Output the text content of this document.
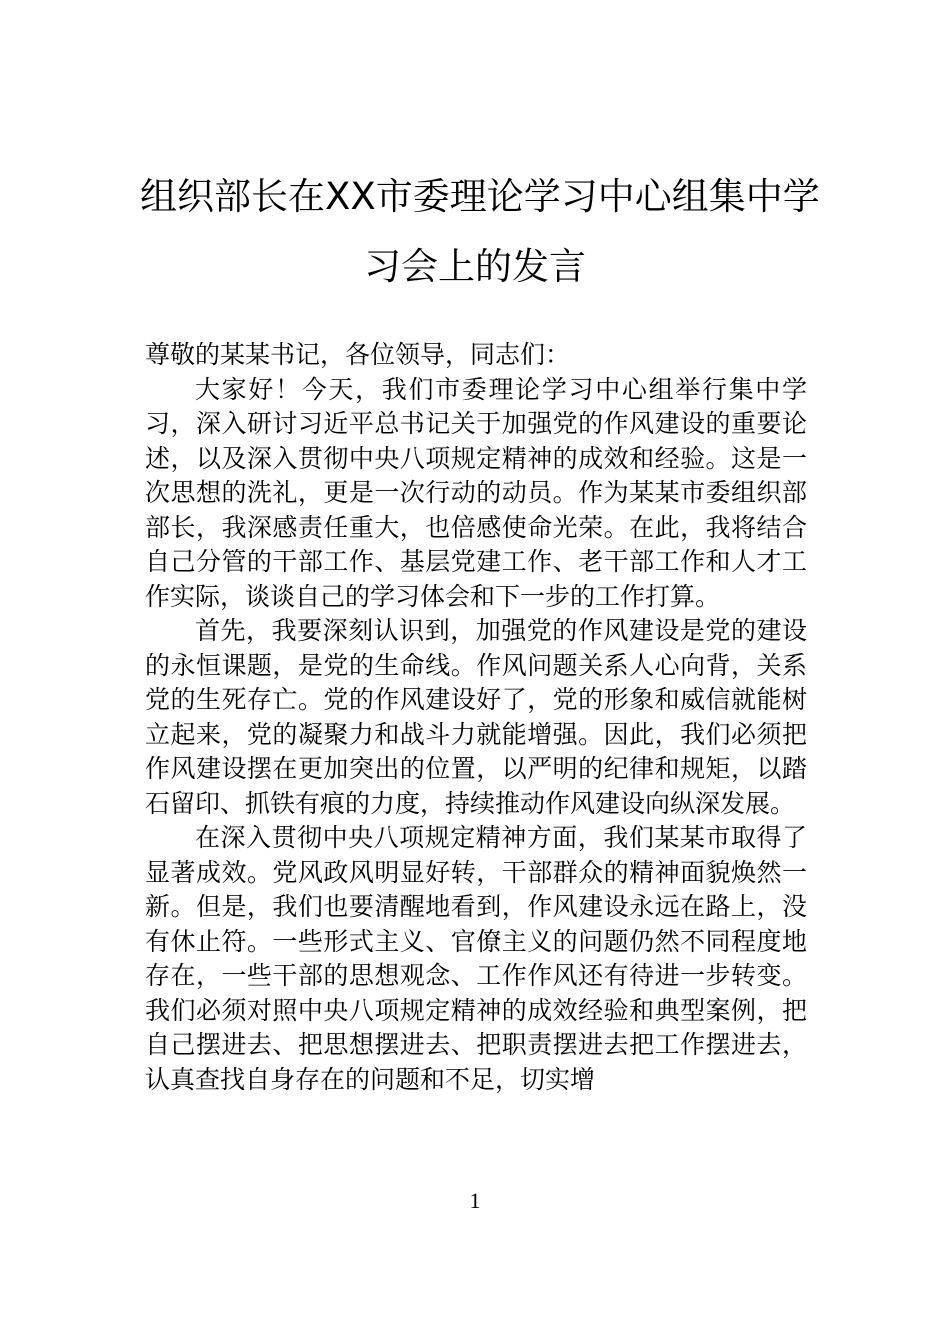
组织部长在XX市委理论学习中心组集中学
习会上的发言

尊敬的某某书记，各位领导，同志们：

大家好！今天，我们市委理论学习中心组举行集中学习，深入研讨习近平总书记关于加强党的作风建设的重要论述，以及深入贯彻中央八项规定精神的成效和经验。这是一次思想的洗礼，更是一次行动的动员。作为某某市委组织部部长，我深感责任重大，也倍感使命光荣。在此，我将结合自己分管的干部工作、基层党建工作、老干部工作和人才工作实际，谈谈自己的学习体会和下一步的工作打算。

首先，我要深刻认识到，加强党的作风建设是党的建设的永恒课题，是党的生命线。作风问题关系人心向背，关系党的生死存亡。党的作风建设好了，党的形象和威信就能树立起来，党的凝聚力和战斗力就能增强。因此，我们必须把作风建设摆在更加突出的位置，以严明的纪律和规矩，以踏石留印、抓铁有痕的力度，持续推动作风建设向纵深发展。

在深入贯彻中央八项规定精神方面，我们某某市取得了显著成效。党风政风明显好转，干部群众的精神面貌焕然一新。但是，我们也要清醒地看到，作风建设永远在路上，没有休止符。一些形式主义、官僚主义的问题仍然不同程度地存在，一些干部的思想观念、工作作风还有待进一步转变。我们必须对照中央八项规定精神的成效经验和典型案例，把自己摆进去、把思想摆进去、把职责摆进去把工作摆进去，认真查找自身存在的问题和不足，切实增

1
